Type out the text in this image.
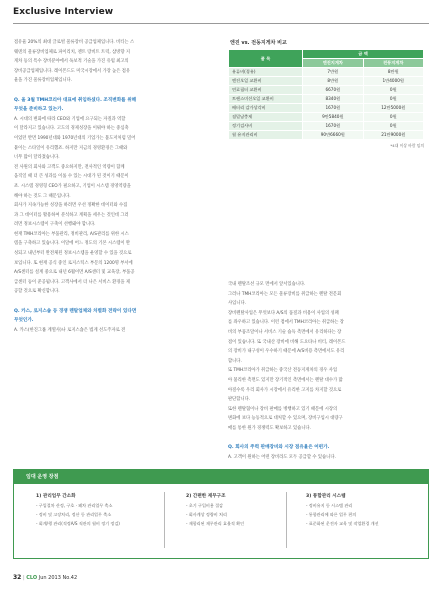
Exclusive Interview
점유율 20%의 최대 글로벌 물류장비 공급업체입니다. 비티는 스
웨덴의 물류장비업체로 파이리치, 젠트 랑비트 트럭, 삼방향 지
게차 등의 특수 장비분야에서 독보적 기술을 가진 유럽 최고의
장비공급업체입니다. 레이몬드도 미국시장에서 가장 높은 점유
율을 가진 물류장비업체입니다.
Q. 올 3월 TMH코리아 대표에 취임하셨다. 조직변화를 위해
무엇을 준비하고 있는가.
A. 시대의 변화에 따라 CEO와 기업에 요구되는 자질과 역할
이 달라지고 있습니다. 고도의 경제성장을 이뤄야 하는 중심축
이었던 반면 1990년대와 1970년대의 기업가는 불도저처럼 밀어
붙이는 스타일이 유리했죠. 하지만 지금의 경영환경은 그때와
너무 많이 달라졌습니다.
전 사원의 회사와 고객도 중요하지만, 전사적인 역량이 함께
움직일 때 더 큰 성과를 이룰 수 있는 시대가 된 것이기 때문이
죠. 시스템 경영형 CEO가 필요하고, 기업이 시스템 경영역량을
해야 하는 것도 그 때문입니다.
회사가 지속가능한 성장을 하려면 우선 정확한 데이터와 수집
과 그 데이터를 활용하여 분석하고 계획을 세우는 것인데 그러
려면 정보시스템이 구축이 선행돼야 합니다.
현재 TMH코리아는 부품관리, 정비관리, A/S관리를 위한 시스
템을 구축하고 있습니다. 이달에 어느 정도의 기본 시스템이 완
성되고 내년부터 완전체된 정보시스템을 운영할 수 있을 것으로
보입니다. 또 현재 공식 중인 로지스틱스 부문의 1200명 부서에
A/S센터를 설계 중으로 내년 6월이면 A/S센터 및 교육장, 부품공
급센터 등이 준공됩니다. 고객사에서 더 나은 서비스 환경을 제
공할 것으로 확신합니다.
Q. 카스, 로지스숍 등 경쟁 렌탈업체와 차별화 전략이 있다면
무엇인가.
A. 카스(한진그룹 계열사)나 로지스숍은 법게 선도주자로 전
엔진 vs. 전동지게차 비교
품 목	금 액	
	엔진지게차	전동지게차
유류비(경유)	7만원	8만원
엔진오일 교환비	8만원	1만4000원
연료필터 교환비	6670원	0원
트랜스미션오일 교환비	8340원	0원
배터리 감가상각비	1670원	12만5000원
점밀남충제	9만5840원	0원
정기검사비	1670원	0원
월 유지관리비	90만6660원	21만9000원
*4대 이상 바람 임의
국내 렌탈조선 규모 면에서 앞서있습니다.
그러나 TMH코리아는 모든 물류장비를 취급하는 렌탈 전문회
사입니다.
장비렌탈사업은 무엇보다 A/S의 품질과 비용이 사업의 성패
를 좌우하고 있습니다. 이런 점에서 TMH코리아는 취급하는 장
비의 부품조달이나 서비스 기술 습득 측면에서 유리하다는 장
점이 있습니다. 또 국내산 장비에 비해 도요타나 비티, 레이몬드
의 장비가 내구성이 우수하기 때문에 A/S비용 측면에서도 유리
합니다.
또 TMH코리아가 취급하는 중국산 전동지게차의 경우 사업
아 불리한 측면도 있지만 장기적인 측면에서는 렌탈 대수가 많
아질수록 우리 회사가 시장에서 유리한 고지를 차지할 것으로
판단합니다.
또한 렌탈협이나 장비 판매를 병행하고 있기 때문에 시장의
변화에 보다 능동적으로 대처할 수 있으며, 장비구입시 대량구
매를 통한 원가 경쟁력도 확보하고 있습니다.
Q. 회사의 주력 판매장비와 시장 점유율은 어떤가.
A. 고객이 원하는 어떤 장비라도 모두 공급할 수 있습니다.
임대 운영 장점
1) 관리업무 간소화
- 구입절차 산정, 구호 · 폐차 관리업무 축소
- 정비 및 고장처리, 정산 등 관리업무 축소
- 회계/행 관리(적정A/S 직관의 월비 정기 정검)
2) 간편한 재무구조
- 초기 구입비용 절감
- 회사계상 정량비 처리
- 재합리된 재무관리 효율적 확인
3) 통합관리 시스템
- 정비유지 등 시스템 관리
- 통합관리에 따른 업무 편의
- 표준화된 운전자 교육 및 작업환경 개선
32 | CLO Jun 2013 No.42
